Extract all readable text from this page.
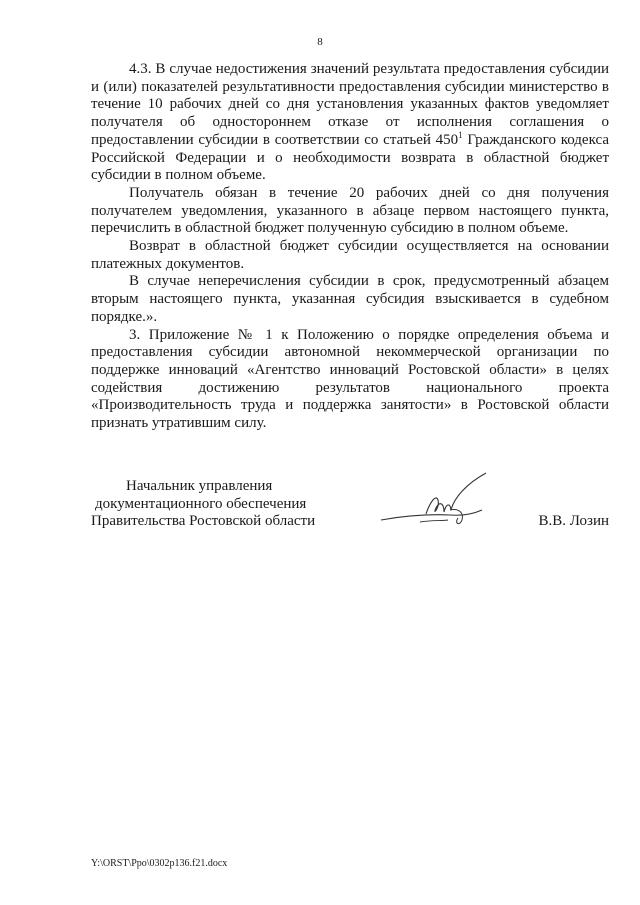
8

4.3. В случае недостижения значений результата предоставления субсидии и (или) показателей результативности предоставления субсидии министерство в течение 10 рабочих дней со дня установления указанных фактов уведомляет получателя об одностороннем отказе от исполнения соглашения о предоставлении субсидии в соответствии со статьей $450^1$ Гражданского кодекса Российской Федерации и о необходимости возврата в областной бюджет субсидии в полном объеме.

Получатель обязан в течение 20 рабочих дней со дня получения получателем уведомления, указанного в абзаце первом настоящего пункта, перечислить в областной бюджет полученную субсидию в полном объеме.

Возврат в областной бюджет субсидии осуществляется на основании платежных документов.

В случае неперечисления субсидии в срок, предусмотренный абзацем вторым настоящего пункта, указанная субсидия взыскивается в судебном порядке.».

3. Приложение № 1 к Положению о порядке определения объема и предоставления субсидии автономной некоммерческой организации по поддержке инноваций «Агентство инноваций Ростовской области» в целях содействия достижению результатов национального проекта «Производительность труда и поддержка занятости» в Ростовской области признать утратившим силу.

Начальник управления
документационного обеспечения
Правительства Ростовской области	В.В. Лозин
Y:\ORST\Ppo\0302p136.f21.docx
